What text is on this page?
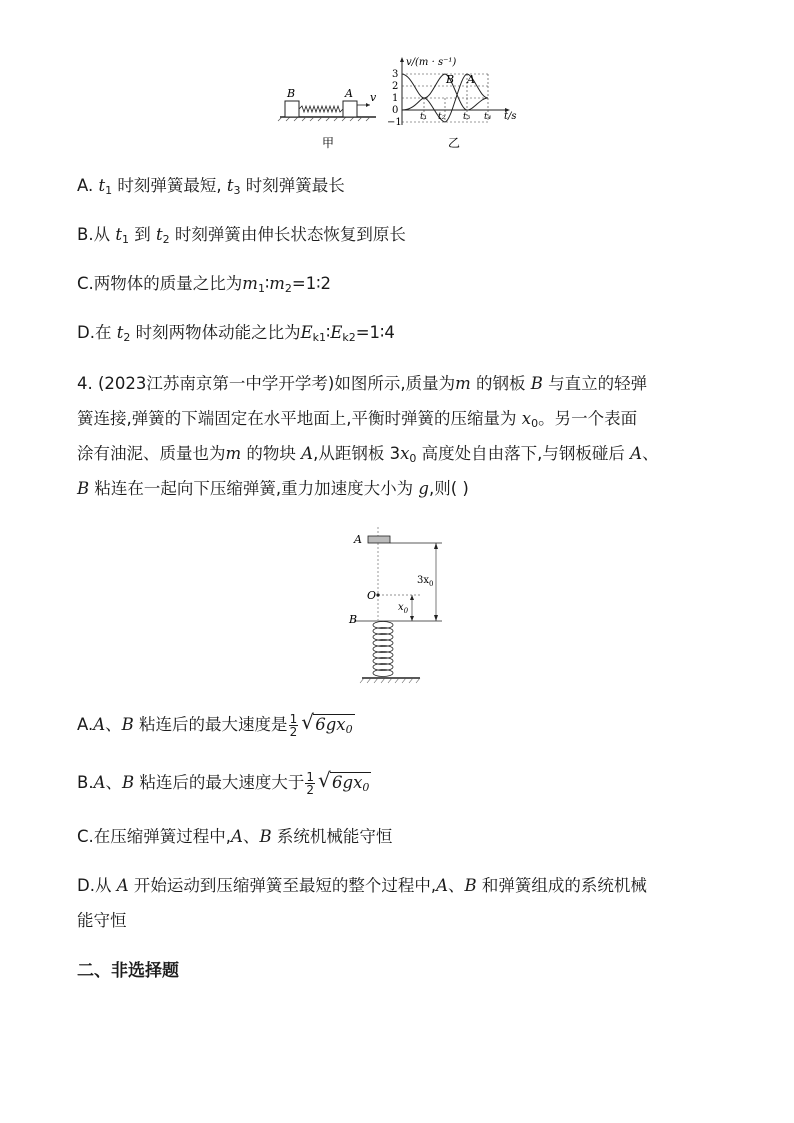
B	A v
甲
v/(m · s⁻¹)
3
2
1
0
−1 t₁ t₂ t₃ t₄ t/s
B A
乙
A. $t_1$ 时刻弹簧最短, $t_3$ 时刻弹簧最长
B.从 $t_1$ 到 $t_2$ 时刻弹簧由伸长状态恢复到原长
C.两物体的质量之比为$m_1∶m_2=1∶2$
D.在 $t_2$ 时刻两物体动能之比为$E_{k1}∶E_{k2}=1∶4$
4. (2023江苏南京第一中学开学考)如图所示,质量为m 的钢板 B 与直立的轻弹
簧连接,弹簧的下端固定在水平地面上,平衡时弹簧的压缩量为 $x_0$。另一个表面
涂有油泥、质量也为m 的物块 A,从距钢板 $3x_0$ 高度处自由落下,与钢板碰后 A、
B 粘连在一起向下压缩弹簧,重力加速度大小为 g,则( )
A
O
B
$3x_0$
$x_0$
A.A、B 粘连后的最大速度是 $\frac{1}{2}$ √ $6gx_0$
B.A、B 粘连后的最大速度大于 $\frac{1}{2}$ √ $6gx_0$
C.在压缩弹簧过程中,A、B 系统机械能守恒
D.从 A 开始运动到压缩弹簧至最短的整个过程中,A、B 和弹簧组成的系统机械
能守恒
二、非选择题
